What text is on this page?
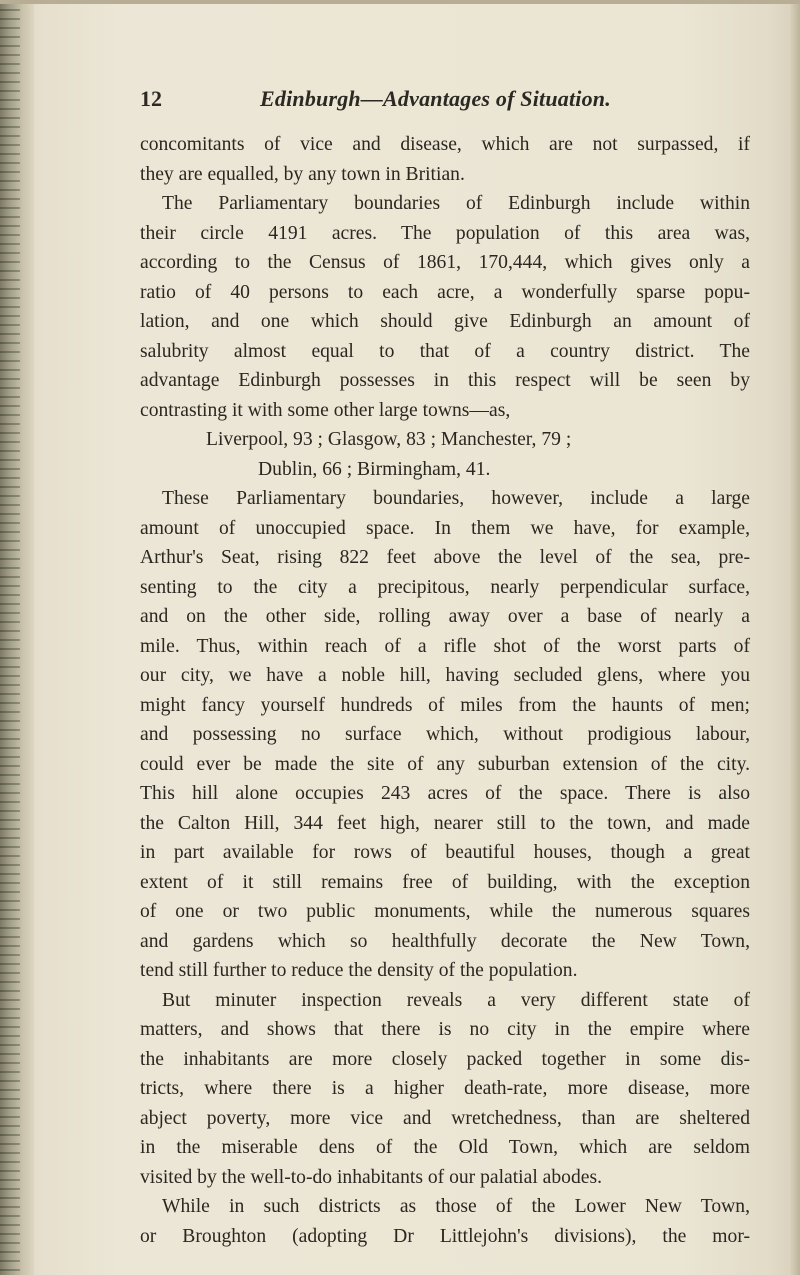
12	Edinburgh—Advantages of Situation.
concomitants of vice and disease, which are not surpassed, if
they are equalled, by any town in Britian.
The Parliamentary boundaries of Edinburgh include within
their circle 4191 acres. The population of this area was,
according to the Census of 1861, 170,444, which gives only a
ratio of 40 persons to each acre, a wonderfully sparse popu-
lation, and one which should give Edinburgh an amount of
salubrity almost equal to that of a country district. The
advantage Edinburgh possesses in this respect will be seen by
contrasting it with some other large towns—as,
Liverpool, 93 ; Glasgow, 83 ; Manchester, 79 ;
Dublin, 66 ; Birmingham, 41.
These Parliamentary boundaries, however, include a large
amount of unoccupied space. In them we have, for example,
Arthur's Seat, rising 822 feet above the level of the sea, pre-
senting to the city a precipitous, nearly perpendicular surface,
and on the other side, rolling away over a base of nearly a
mile. Thus, within reach of a rifle shot of the worst parts of
our city, we have a noble hill, having secluded glens, where you
might fancy yourself hundreds of miles from the haunts of men;
and possessing no surface which, without prodigious labour,
could ever be made the site of any suburban extension of the city.
This hill alone occupies 243 acres of the space. There is also
the Calton Hill, 344 feet high, nearer still to the town, and made
in part available for rows of beautiful houses, though a great
extent of it still remains free of building, with the exception
of one or two public monuments, while the numerous squares
and gardens which so healthfully decorate the New Town,
tend still further to reduce the density of the population.
But minuter inspection reveals a very different state of
matters, and shows that there is no city in the empire where
the inhabitants are more closely packed together in some dis-
tricts, where there is a higher death-rate, more disease, more
abject poverty, more vice and wretchedness, than are sheltered
in the miserable dens of the Old Town, which are seldom
visited by the well-to-do inhabitants of our palatial abodes.
While in such districts as those of the Lower New Town,
or Broughton (adopting Dr Littlejohn's divisions), the mor-
